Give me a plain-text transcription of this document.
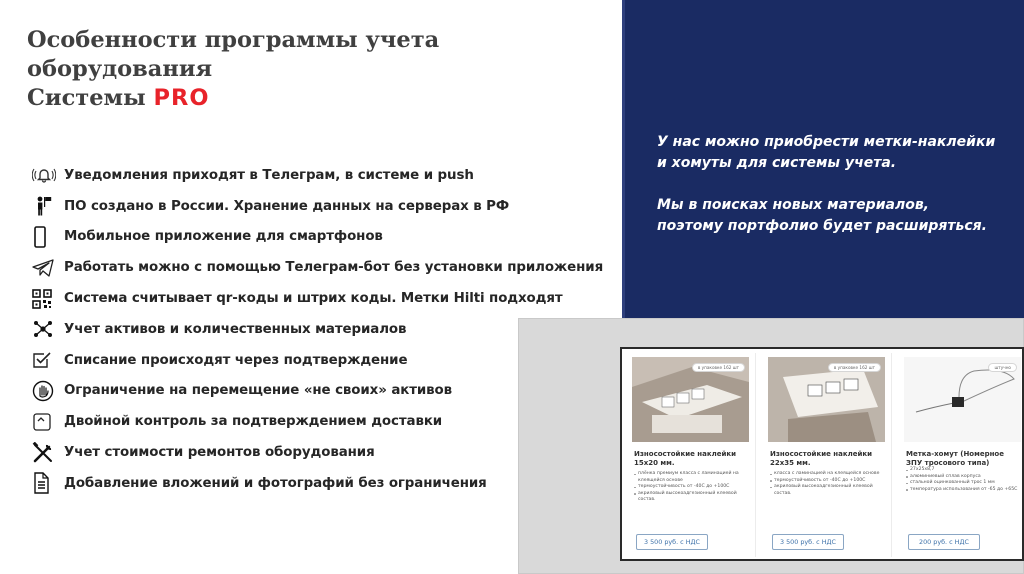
Особенности программы учета оборудования
Системы PRO
Уведомления приходят в Телеграм, в системе и push
ПО создано в России. Хранение данных на серверах в РФ
Мобильное приложение для смартфонов
Работать можно с помощью Телеграм-бот без установки приложения
Система считывает qr-коды и штрих коды. Метки Hilti подходят
Учет активов и количественных материалов
Списание происходят через подтверждение
Ограничение на перемещение «не своих» активов
Двойной контроль за подтверждением доставки
Учет стоимости ремонтов оборудования
Добавление вложений и фотографий без ограничения

У нас можно приобрести метки-наклейки и хомуты для системы учета.

Мы в поисках новых материалов, поэтому портфолио будет расширяться.

в упаковке 162 шт
Износостойкие наклейки 15х20 мм.
плёнка премиум класса с ламинацией на клеящейся основе
термоустойчивость от -40С до +100С
акриловый высокоадгезионный клеевой состав.
3 500 руб. с НДС
в упаковке 162 шт
Износостойкие наклейки 22х35 мм.
класса с ламинацией на клеящейся основе
термоустойчивость от -40С до +100С
акриловый высокоадгезионный клеевой состав.
3 500 руб. с НДС
штучно
Метка-хомут (Номерное ЗПУ тросового типа)
27х25х8,7
алюминиевый сплав корпуса
стальной оцинкованный трос 1 мм
температура использования от -65 до +65С
200 руб. с НДС
